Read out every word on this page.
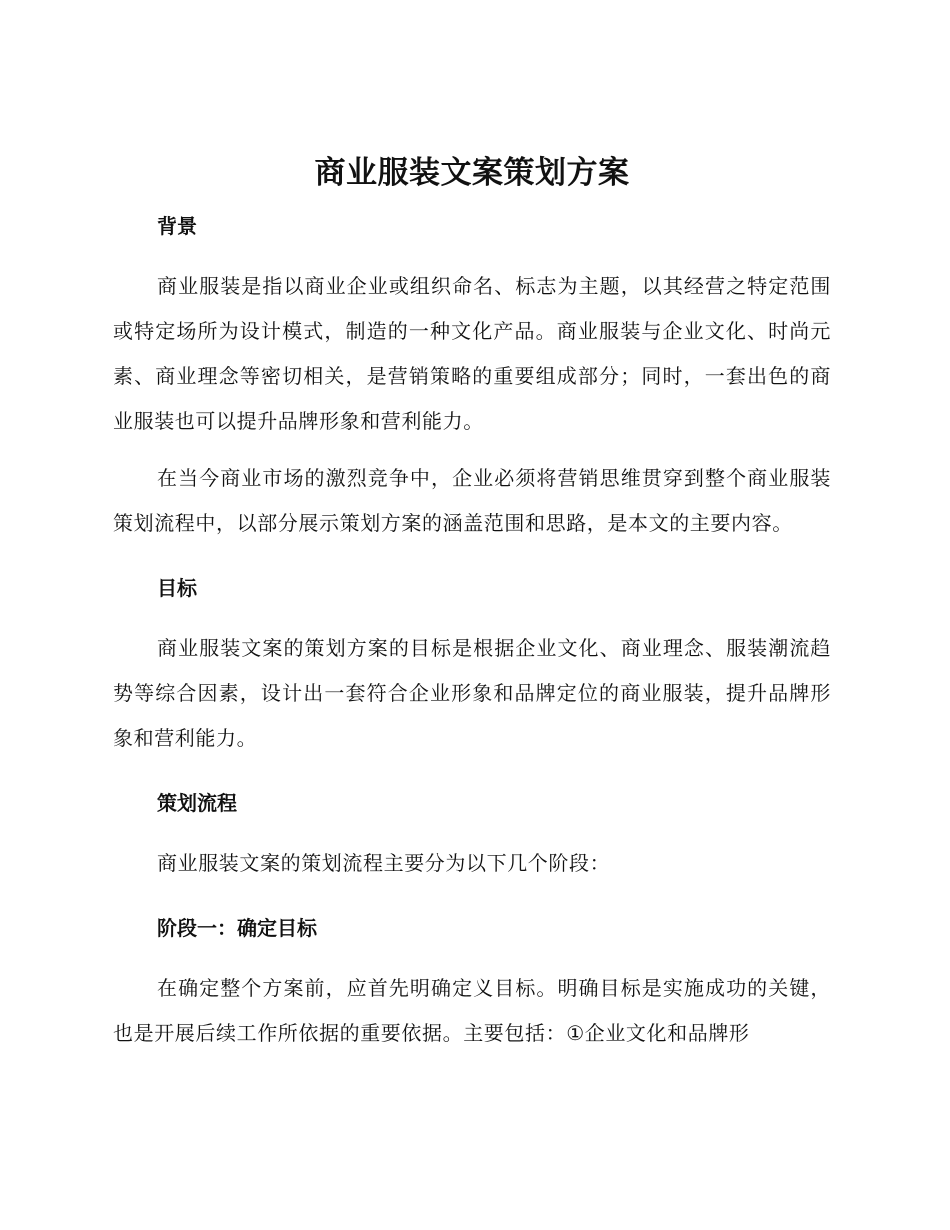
商业服装文案策划方案
背景

商业服装是指以商业企业或组织命名、标志为主题，以其经营之特定范围或特定场所为设计模式，制造的一种文化产品。商业服装与企业文化、时尚元素、商业理念等密切相关，是营销策略的重要组成部分；同时，一套出色的商业服装也可以提升品牌形象和营利能力。

在当今商业市场的激烈竞争中，企业必须将营销思维贯穿到整个商业服装策划流程中，以部分展示策划方案的涵盖范围和思路，是本文的主要内容。

目标

商业服装文案的策划方案的目标是根据企业文化、商业理念、服装潮流趋势等综合因素，设计出一套符合企业形象和品牌定位的商业服装，提升品牌形象和营利能力。

策划流程

商业服装文案的策划流程主要分为以下几个阶段：

阶段一：确定目标

在确定整个方案前，应首先明确定义目标。明确目标是实施成功的关键，也是开展后续工作所依据的重要依据。主要包括：①企业文化和品牌形
